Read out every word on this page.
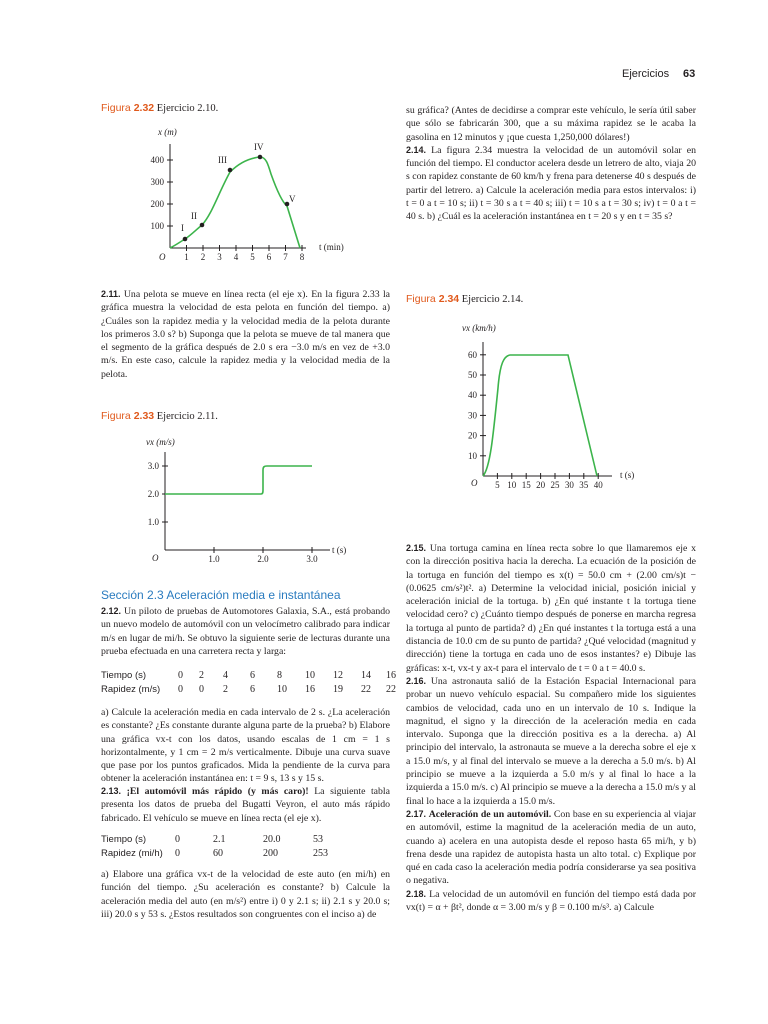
Ejercicios 63
Figura 2.32 Ejercicio 2.10.
x (m)
O
t (min)
100
200
300
400
1 2 3 4 5 6 7 8
I
II
III
IV
V

2.11. Una pelota se mueve en línea recta (el eje x). En la figura 2.33 la gráfica muestra la velocidad de esta pelota en función del tiempo. a) ¿Cuáles son la rapidez media y la velocidad media de la pelota durante los primeros 3.0 s? b) Suponga que la pelota se mueve de tal manera que el segmento de la gráfica después de 2.0 s era −3.0 m/s en vez de +3.0 m/s. En este caso, calcule la rapidez media y la velocidad media de la pelota.

Figura 2.33 Ejercicio 2.11.
vx (m/s)
O
t (s)
1.0
2.0
3.0
1.0	2.0	3.0
Sección 2.3 Aceleración media e instantánea

2.12. Un piloto de pruebas de Automotores Galaxia, S.A., está probando un nuevo modelo de automóvil con un velocímetro calibrado para indicar m/s en lugar de mi/h. Se obtuvo la siguiente serie de lecturas durante una prueba efectuada en una carretera recta y larga:

Tiempo (s)	0	2	4	6	8	10	12	14	16
Rapidez (m/s)	0	0	2	6	10	16	19	22	22

a) Calcule la aceleración media en cada intervalo de 2 s. ¿La aceleración es constante? ¿Es constante durante alguna parte de la prueba? b) Elabore una gráfica vx-t con los datos, usando escalas de 1 cm = 1 s horizontalmente, y 1 cm = 2 m/s verticalmente. Dibuje una curva suave que pase por los puntos graficados. Mida la pendiente de la curva para obtener la aceleración instantánea en: t = 9 s, 13 s y 15 s.

2.13. ¡El automóvil más rápido (y más caro)! La siguiente tabla presenta los datos de prueba del Bugatti Veyron, el auto más rápido fabricado. El vehículo se mueve en línea recta (el eje x).

Tiempo (s)	0	2.1	20.0	53
Rapidez (mi/h)	0	60	200	253

a) Elabore una gráfica vx-t de la velocidad de este auto (en mi/h) en función del tiempo. ¿Su aceleración es constante? b) Calcule la aceleración media del auto (en m/s²) entre i) 0 y 2.1 s; ii) 2.1 s y 20.0 s; iii) 20.0 s y 53 s. ¿Estos resultados son congruentes con el inciso a) de

su gráfica? (Antes de decidirse a comprar este vehículo, le sería útil saber que sólo se fabricarán 300, que a su máxima rapidez se le acaba la gasolina en 12 minutos y ¡que cuesta 1,250,000 dólares!)

2.14. La figura 2.34 muestra la velocidad de un automóvil solar en función del tiempo. El conductor acelera desde un letrero de alto, viaja 20 s con rapidez constante de 60 km/h y frena para detenerse 40 s después de partir del letrero. a) Calcule la aceleración media para estos intervalos: i) t = 0 a t = 10 s; ii) t = 30 s a t = 40 s; iii) t = 10 s a t = 30 s; iv) t = 0 a t = 40 s. b) ¿Cuál es la aceleración instantánea en t = 20 s y en t = 35 s?

Figura 2.34 Ejercicio 2.14.
vx (km/h)
O
t (s)
10
20
30
40
50
60
5 10 15 20 25 30 35 40

2.15. Una tortuga camina en línea recta sobre lo que llamaremos eje x con la dirección positiva hacia la derecha. La ecuación de la posición de la tortuga en función del tiempo es x(t) = 50.0 cm + (2.00 cm/s)t − (0.0625 cm/s²)t². a) Determine la velocidad inicial, posición inicial y aceleración inicial de la tortuga. b) ¿En qué instante t la tortuga tiene velocidad cero? c) ¿Cuánto tiempo después de ponerse en marcha regresa la tortuga al punto de partida? d) ¿En qué instantes t la tortuga está a una distancia de 10.0 cm de su punto de partida? ¿Qué velocidad (magnitud y dirección) tiene la tortuga en cada uno de esos instantes? e) Dibuje las gráficas: x-t, vx-t y ax-t para el intervalo de t = 0 a t = 40.0 s.

2.16. Una astronauta salió de la Estación Espacial Internacional para probar un nuevo vehículo espacial. Su compañero mide los siguientes cambios de velocidad, cada uno en un intervalo de 10 s. Indique la magnitud, el signo y la dirección de la aceleración media en cada intervalo. Suponga que la dirección positiva es a la derecha. a) Al principio del intervalo, la astronauta se mueve a la derecha sobre el eje x a 15.0 m/s, y al final del intervalo se mueve a la derecha a 5.0 m/s. b) Al principio se mueve a la izquierda a 5.0 m/s y al final lo hace a la izquierda a 15.0 m/s. c) Al principio se mueve a la derecha a 15.0 m/s y al final lo hace a la izquierda a 15.0 m/s.

2.17. Aceleración de un automóvil. Con base en su experiencia al viajar en automóvil, estime la magnitud de la aceleración media de un auto, cuando a) acelera en una autopista desde el reposo hasta 65 mi/h, y b) frena desde una rapidez de autopista hasta un alto total. c) Explique por qué en cada caso la aceleración media podría considerarse ya sea positiva o negativa.

2.18. La velocidad de un automóvil en función del tiempo está dada por vx(t) = α + βt², donde α = 3.00 m/s y β = 0.100 m/s³. a) Calcule
